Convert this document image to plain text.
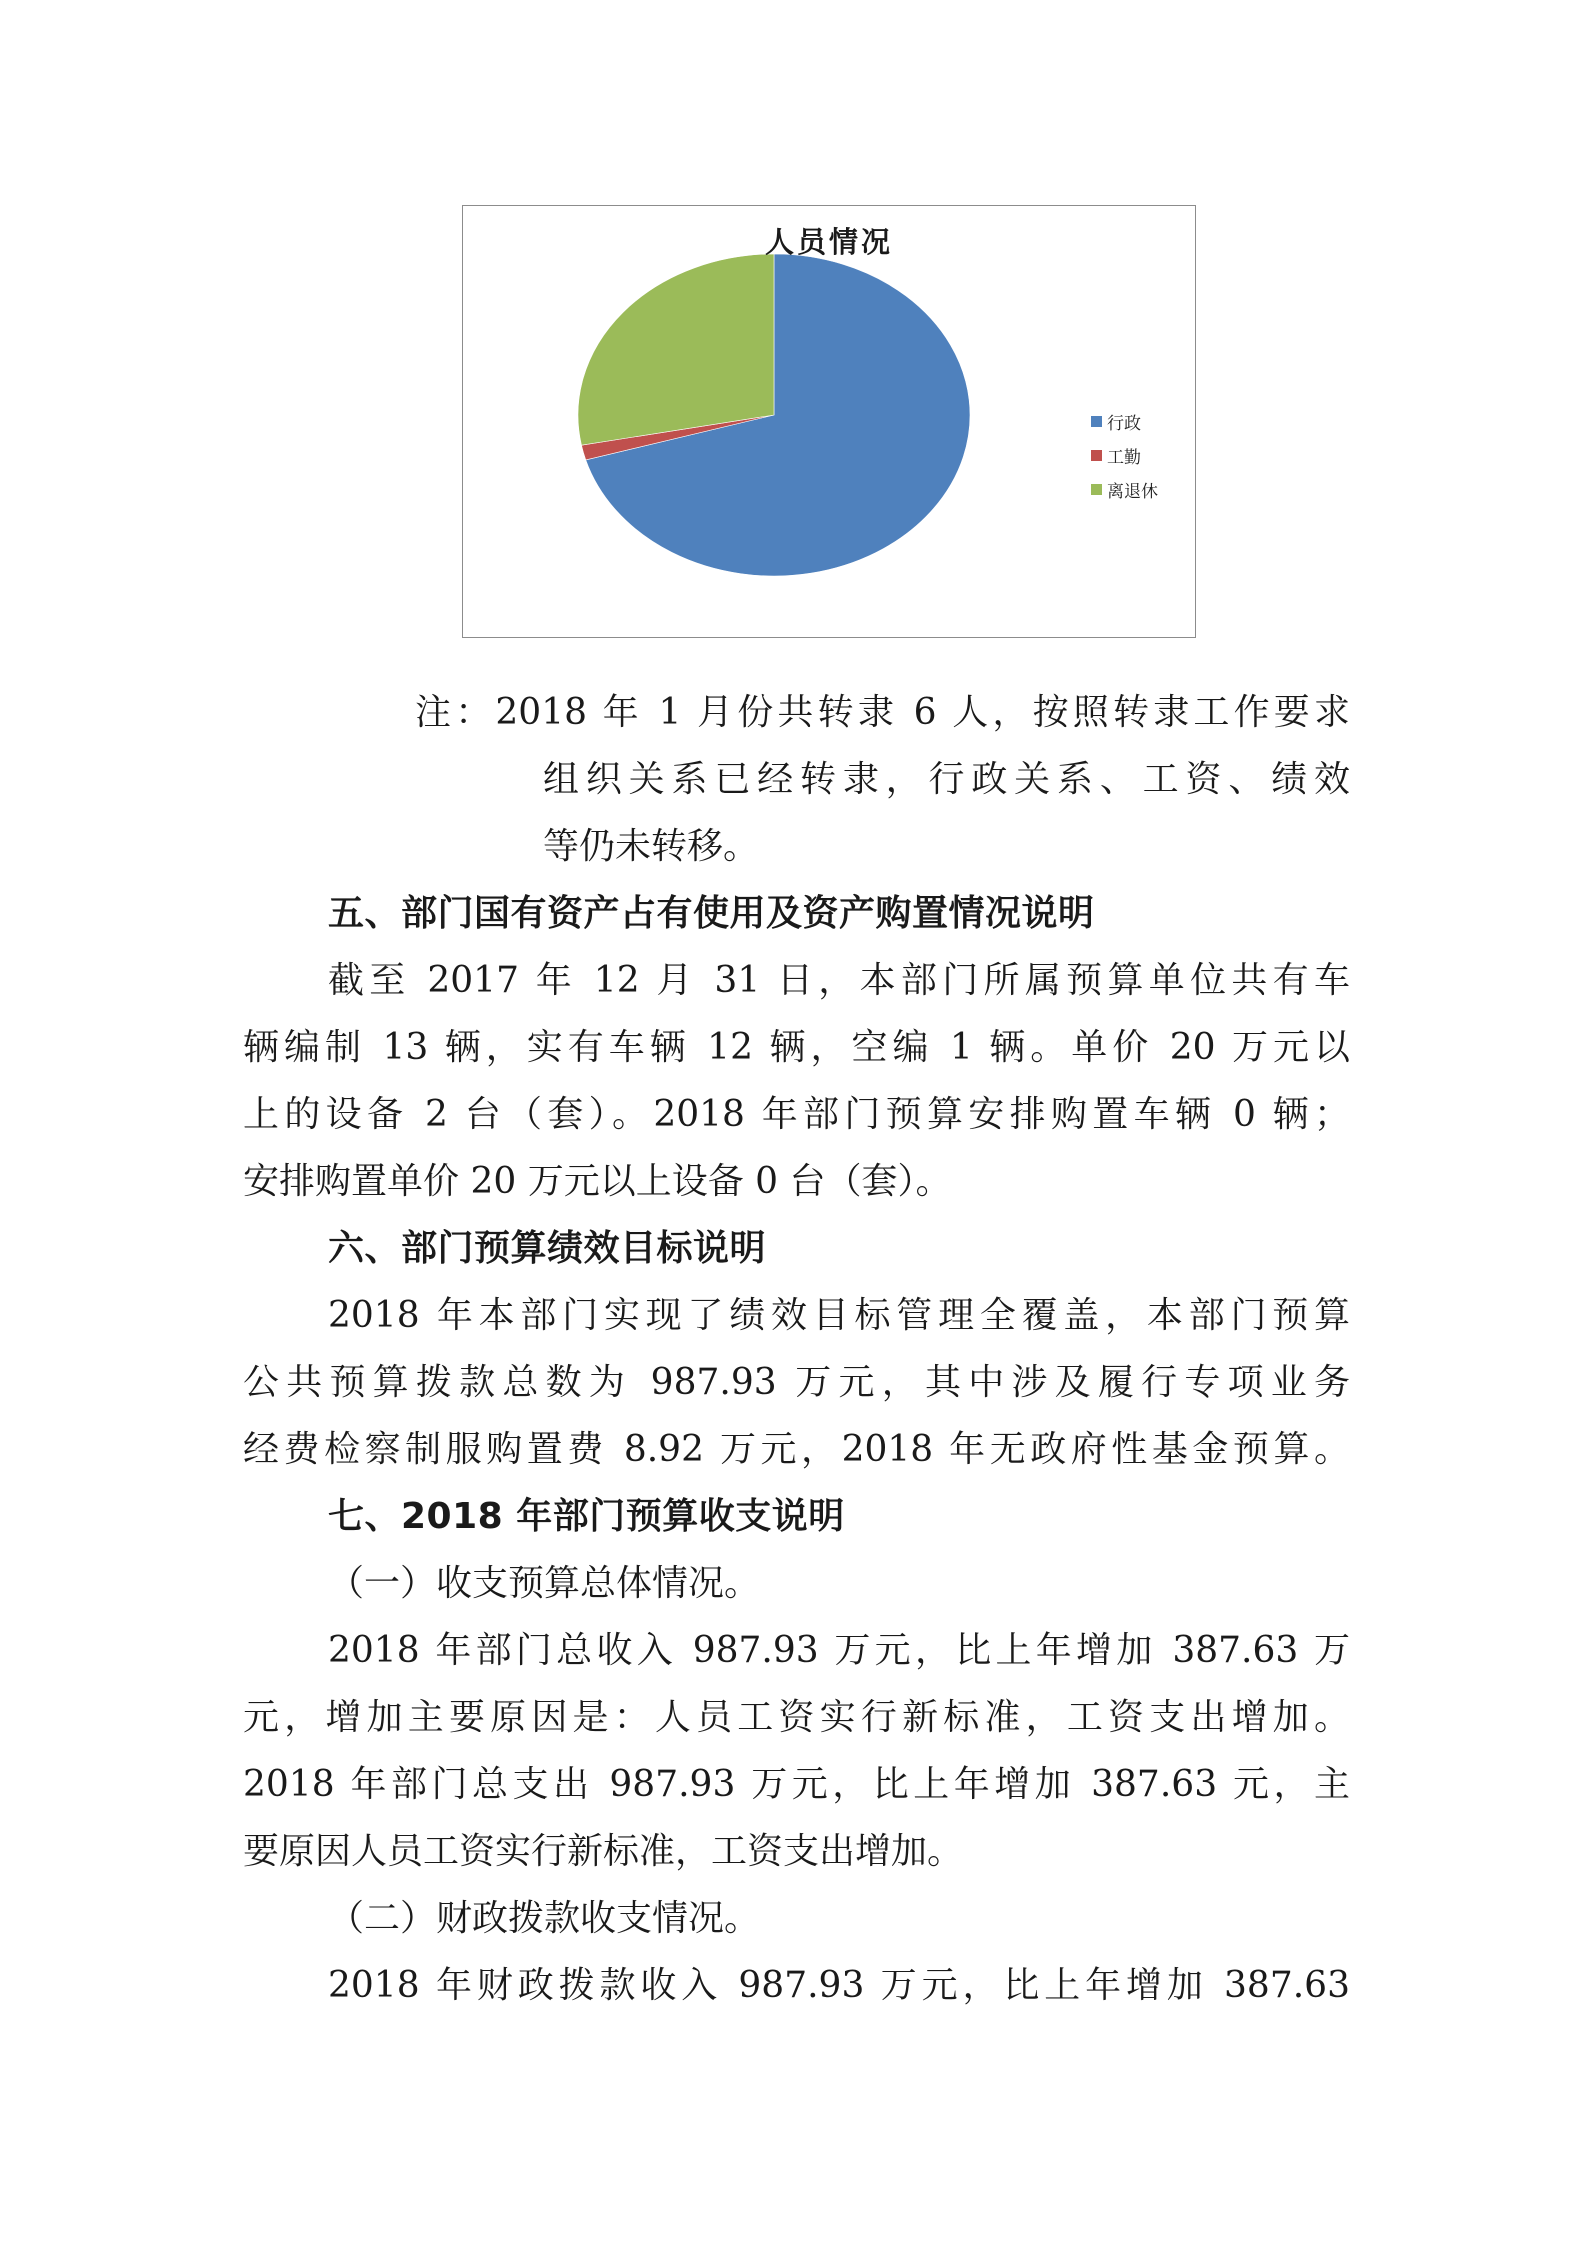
人员情况
行政
工勤
离退休
注：2018 年 1 月份共转隶 6 人，按照转隶工作要求
组织关系已经转隶，行政关系、工资、绩效
等仍未转移。
五、部门国有资产占有使用及资产购置情况说明
截至 2017 年 12 月 31 日，本部门所属预算单位共有车
辆编制 13 辆，实有车辆 12 辆，空编 1 辆。单价 20 万元以
上的设备 2 台（套）。2018 年部门预算安排购置车辆 0 辆；
安排购置单价 20 万元以上设备 0 台（套）。
六、部门预算绩效目标说明
2018 年本部门实现了绩效目标管理全覆盖，本部门预算
公共预算拨款总数为 987.93 万元，其中涉及履行专项业务
经费检察制服购置费 8.92 万元，2018 年无政府性基金预算。
七、2018 年部门预算收支说明
（一）收支预算总体情况。
2018 年部门总收入 987.93 万元，比上年增加 387.63 万
元，增加主要原因是：人员工资实行新标准，工资支出增加。
2018 年部门总支出 987.93 万元，比上年增加 387.63 元，主
要原因人员工资实行新标准，工资支出增加。
（二）财政拨款收支情况。
2018 年财政拨款收入 987.93 万元，比上年增加 387.63
